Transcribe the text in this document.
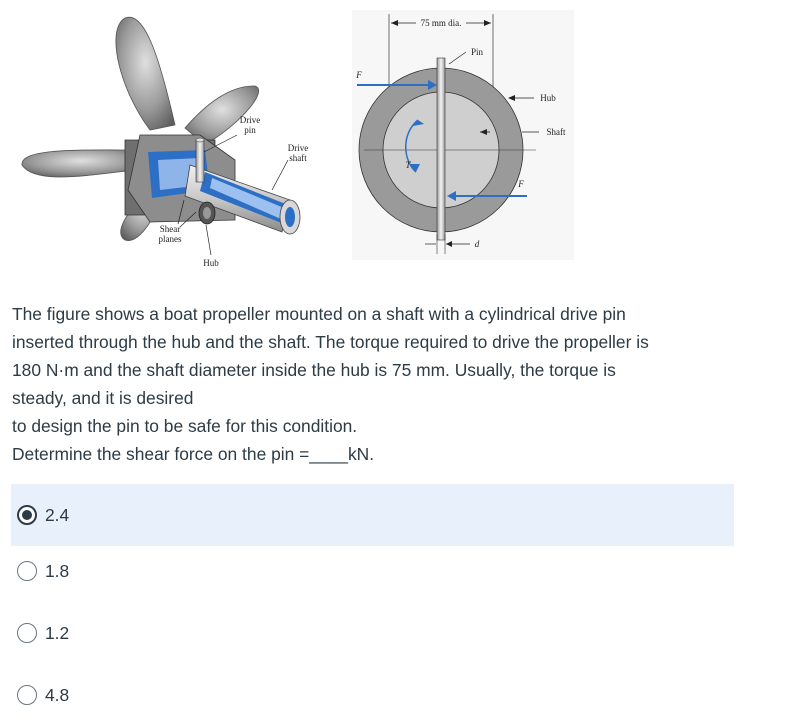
Drive
pin
Drive
shaft
Shear
planes
Hub
75 mm dia.
Pin
Hub
Shaft
F
F
T
d

The figure shows a boat propeller mounted on a shaft with a cylindrical drive pin

inserted through the hub and the shaft. The torque required to drive the propeller is

180 N·m and the shaft diameter inside the hub is 75 mm. Usually, the torque is

steady, and it is desired

to design the pin to be safe for this condition.

Determine the shear force on the pin =____kN.

2.4
1.8
1.2
4.8
